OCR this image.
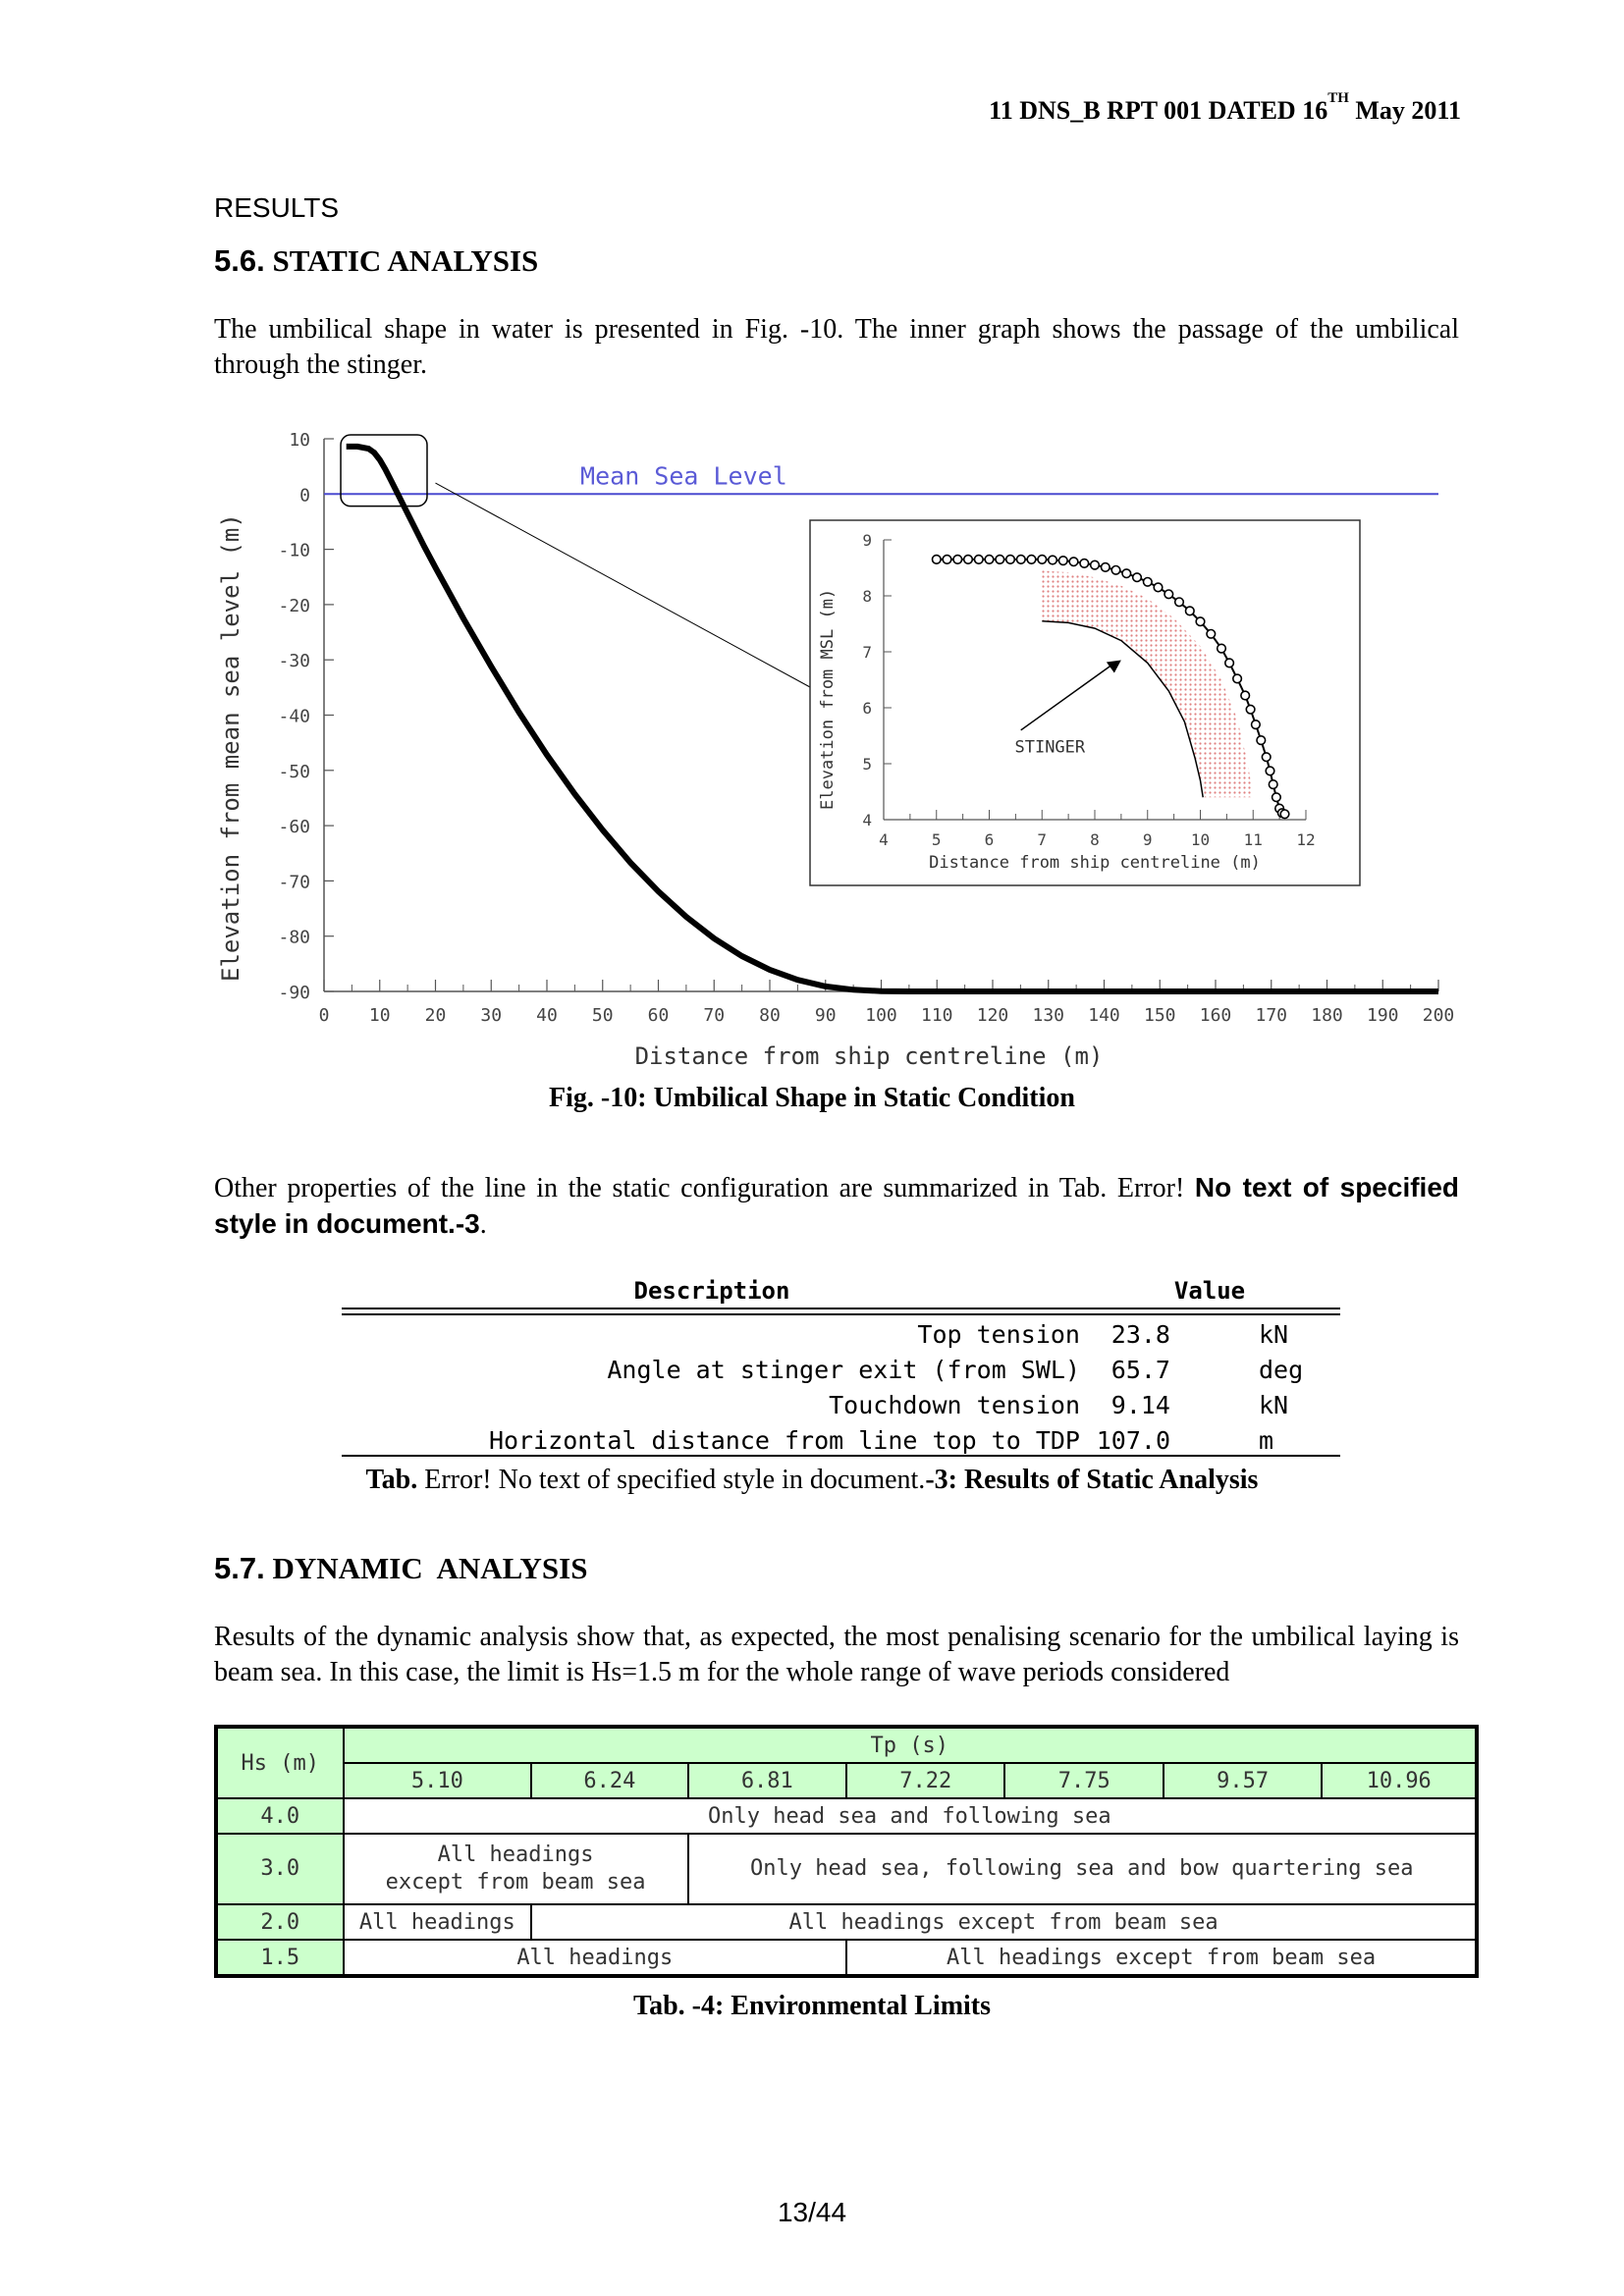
11 DNS_B RPT 001 DATED 16TH May 2011
RESULTS
5.6. STATIC ANALYSIS
The umbilical shape in water is presented in Fig. -10. The inner graph shows the passage of the umbilical through the stinger.
10
0
-10
-20
-30
-40
-50
-60
-70
-80
-90
0 10 20 30 40 50 60 70 80 90 100 110 120 130 140 150 160 170 180 190 200
Mean Sea Level
Elevation from mean sea level (m)
Distance from ship centreline (m)
4
5
6
7
8
9
4	5	6	7	8	9 10 11 12
STINGER
Elevation from MSL (m)
Distance from ship centreline (m)
Fig. -10: Umbilical Shape in Static Condition
Other properties of the line in the static configuration are summarized in Tab. Error! No text of specified style in document.-3.
Description	Value
Top tension 23.8	kN
Angle at stinger exit (from SWL) 65.7	deg
Touchdown tension 9.14	kN
Horizontal distance from line top to TDP 107.0	m
Tab. Error! No text of specified style in document.-3: Results of Static Analysis
5.7. DYNAMIC  ANALYSIS
Results of the dynamic analysis show that, as expected, the most penalising scenario for the umbilical laying is beam sea. In this case, the limit is Hs=1.5 m for the whole range of wave periods considered
Hs (m)	Tp (s)						
	5.10	6.24	6.81	7.22	7.75	9.57	10.96
4.0	Only head sea and following sea						
3.0	All headings
except from beam sea		Only head sea, following sea and bow quartering sea				
2.0	All headings	All headings except from beam sea					
1.5	All headings			All headings except from beam sea			
Tab. -4: Environmental Limits
13/44
